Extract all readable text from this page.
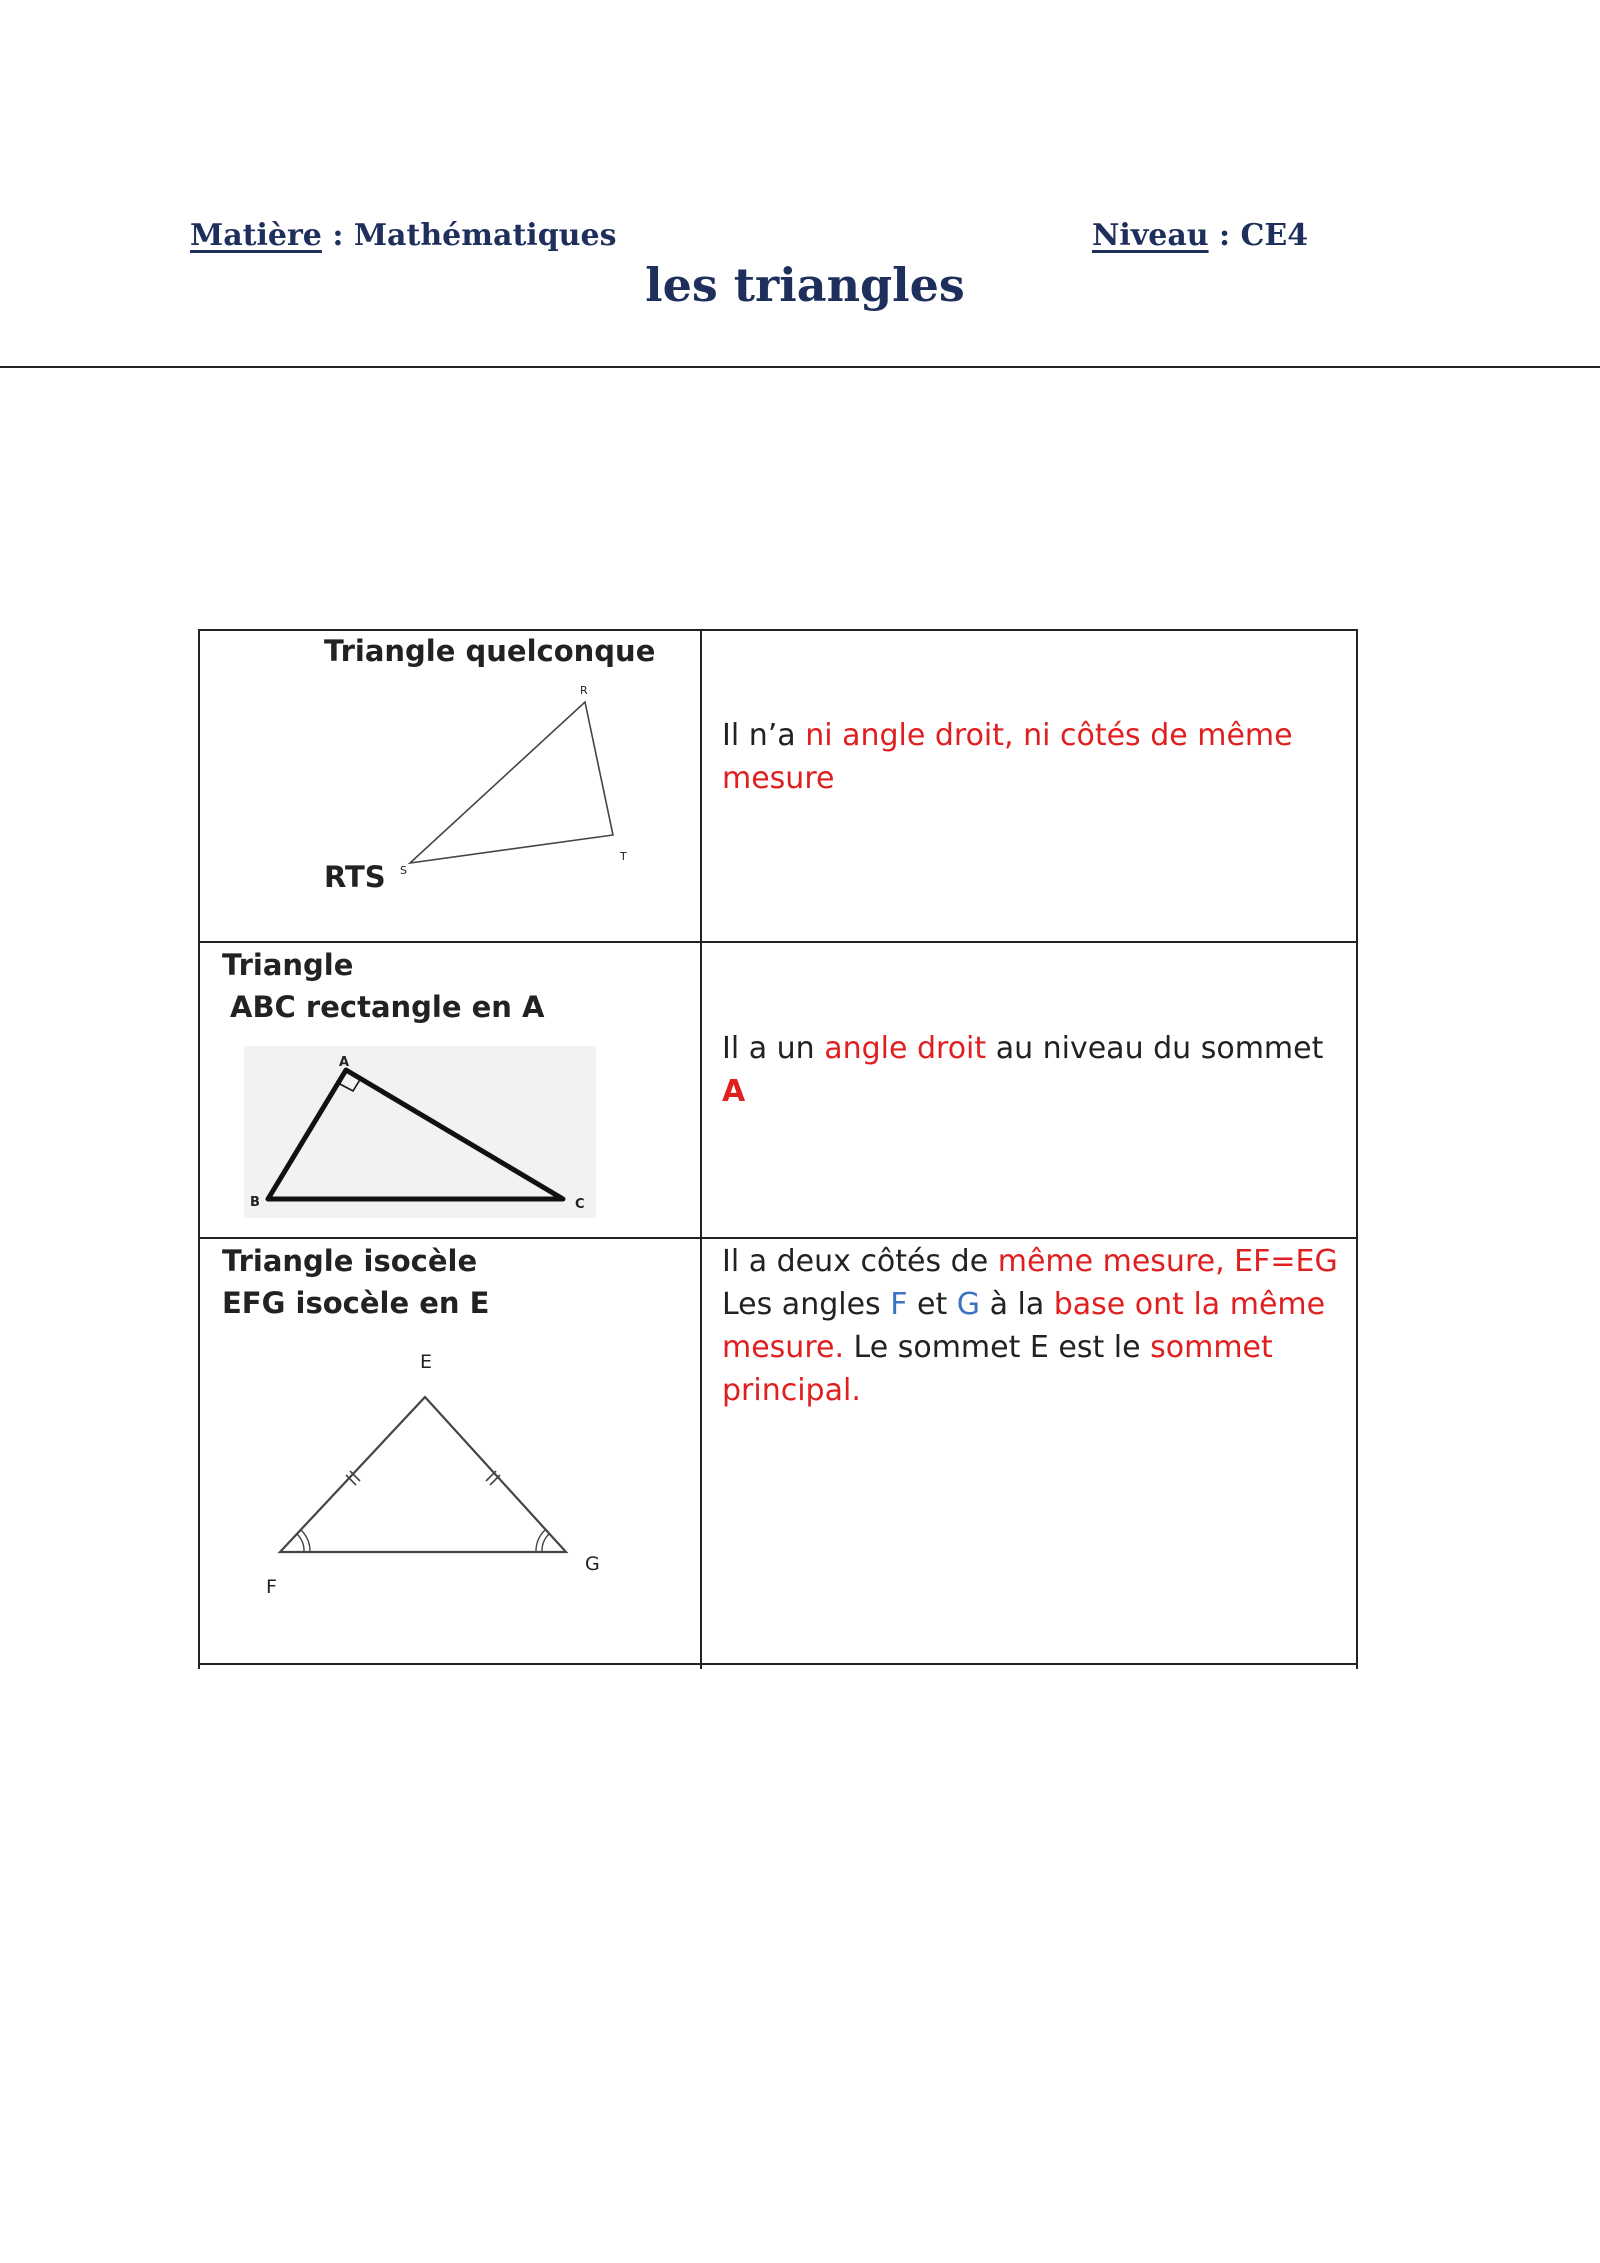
Matière : Mathématiques	Niveau : CE4
les triangles
Triangle quelconque
RTS
R
T
S
Il n’a ni angle droit, ni côtés de même mesure
Triangle
ABC rectangle en A
A
B	C
Il a un angle droit au niveau du sommet A
Triangle isocèle
EFG isocèle en E
E
F
G
Il a deux côtés de même mesure, EF=EG
Les angles F et G à la base ont la même mesure. Le sommet E est le sommet principal.
